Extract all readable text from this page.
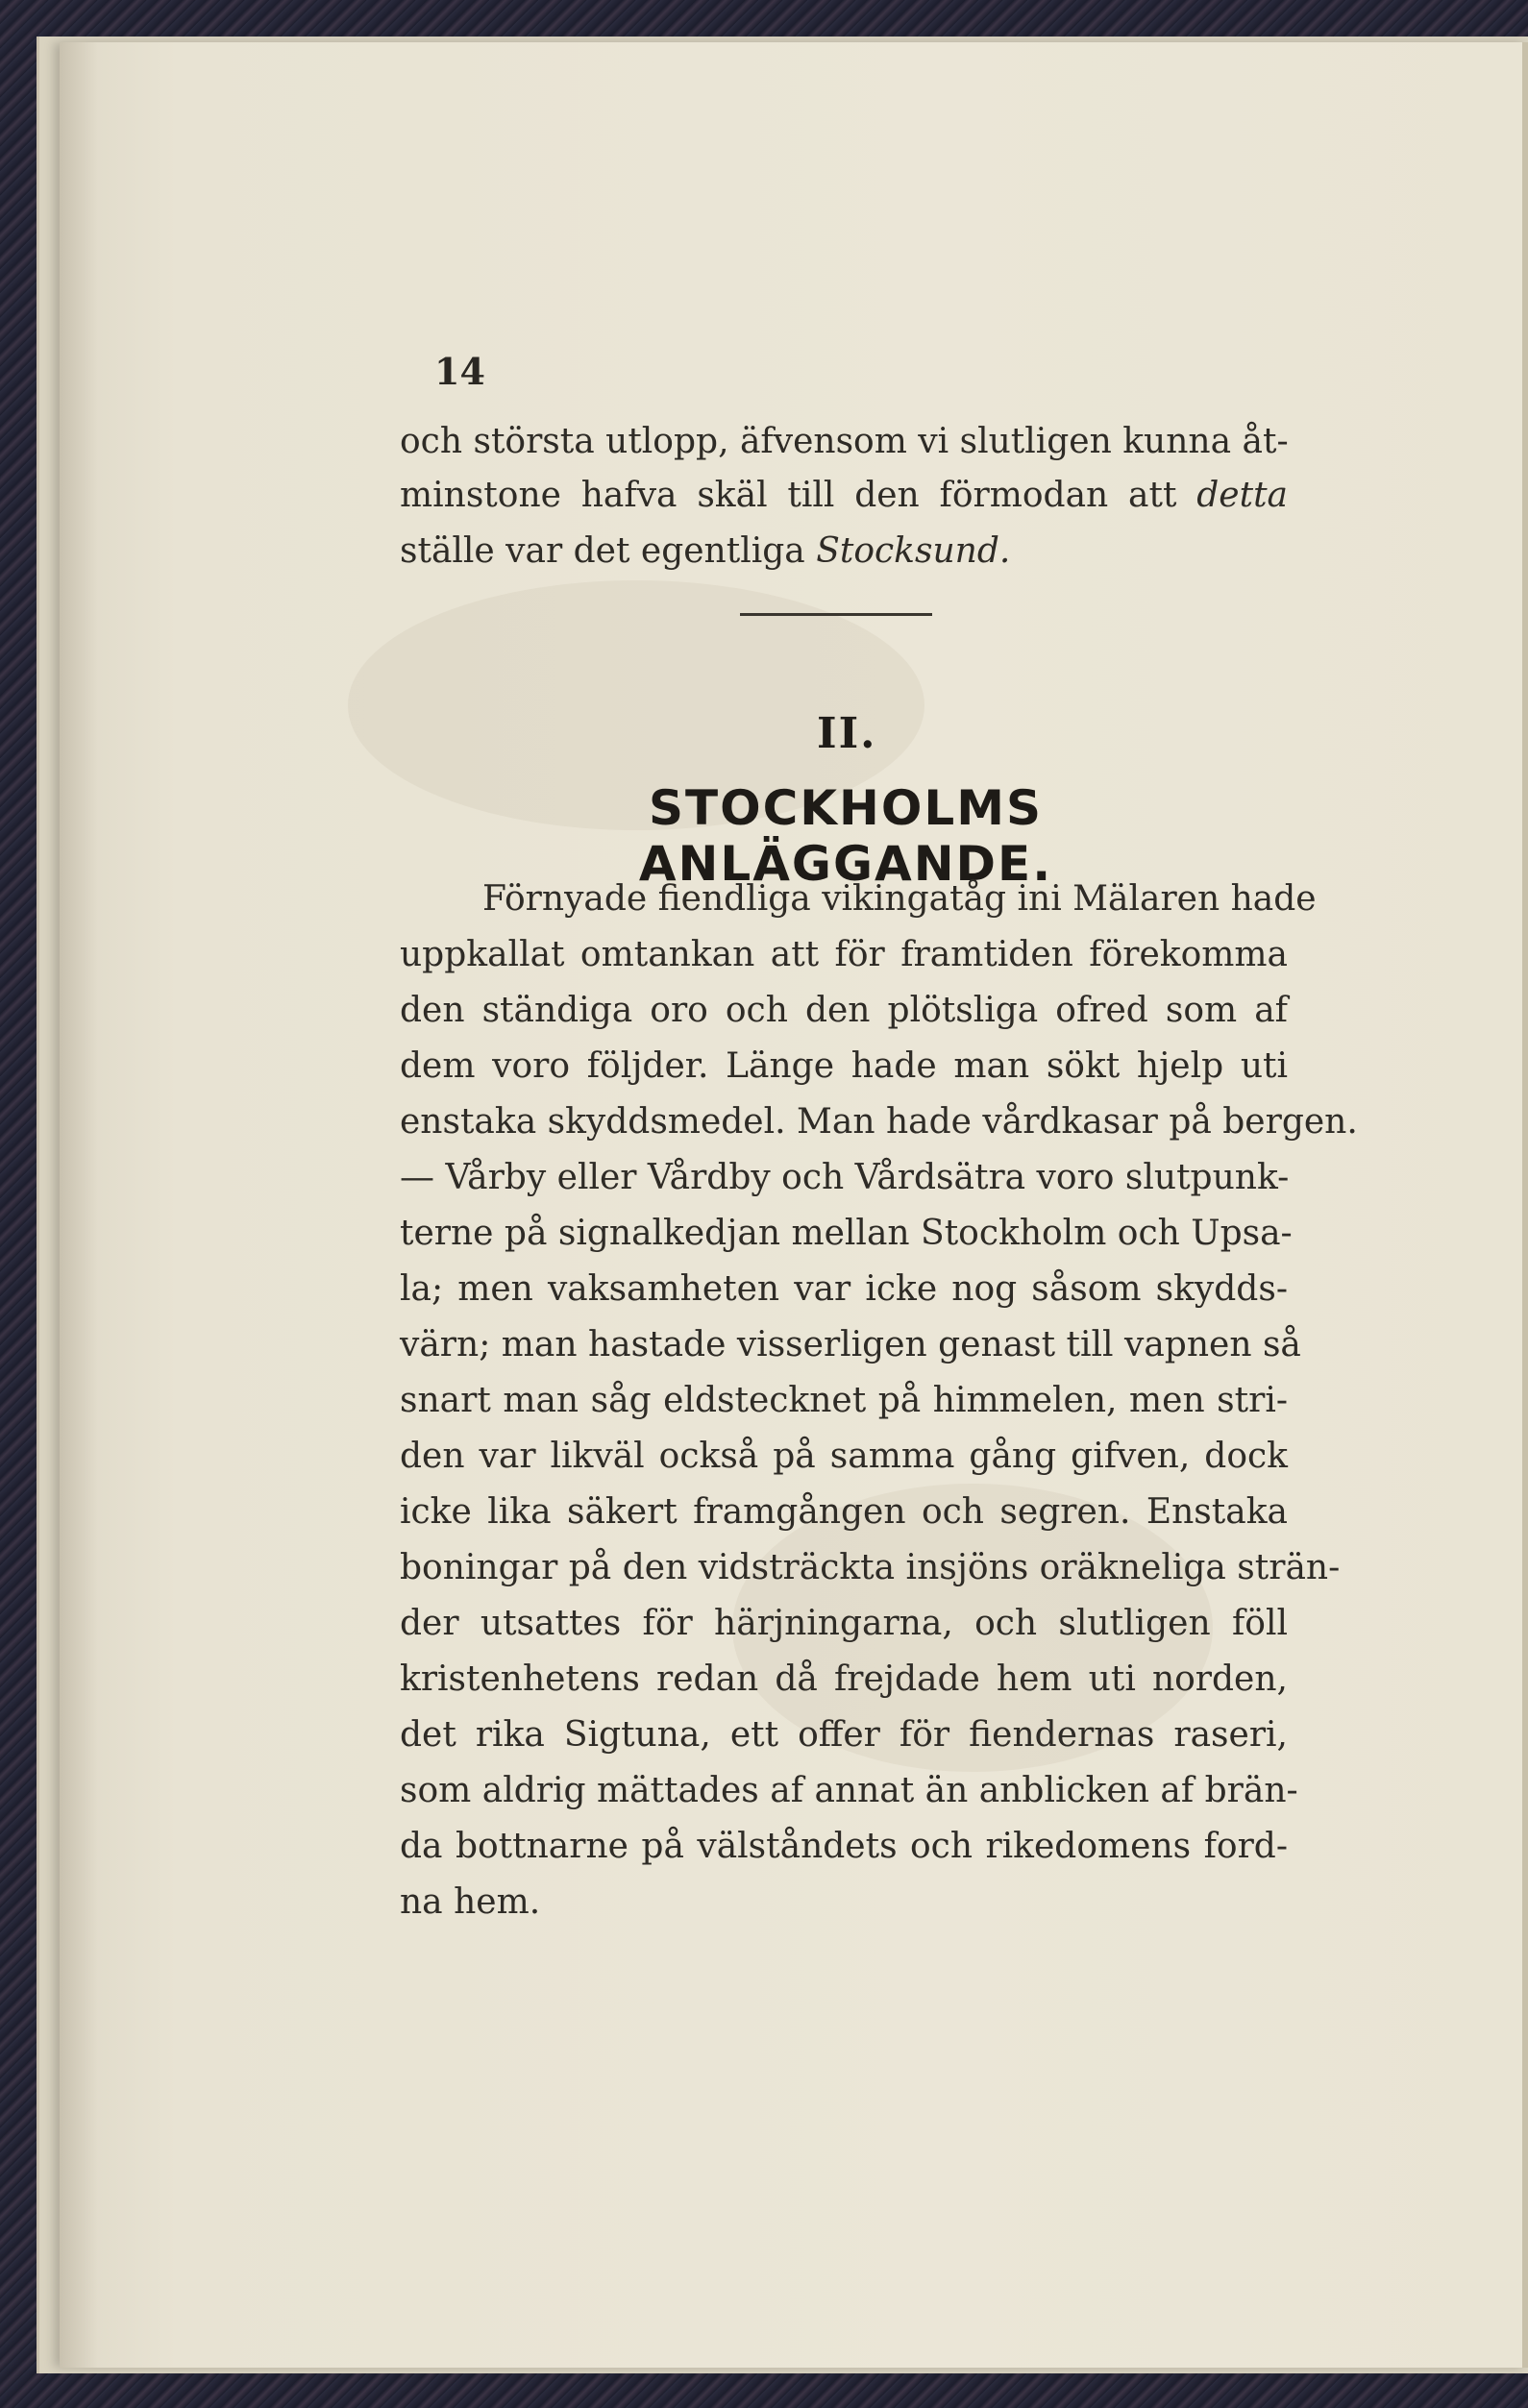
14
och största utlopp, äfvensom vi slutligen kunna åt-
minstone hafva skäl till den förmodan att detta
ställe var det egentliga Stocksund.
II.
STOCKHOLMS ANLÄGGANDE.
Förnyade fiendliga vikingatåg ini Mälaren hade
uppkallat omtankan att för framtiden förekomma
den ständiga oro och den plötsliga ofred som af
dem voro följder. Länge hade man sökt hjelp uti
enstaka skyddsmedel. Man hade vårdkasar på bergen.
— Vårby eller Vårdby och Vårdsätra voro slutpunk-
terne på signalkedjan mellan Stockholm och Upsa-
la; men vaksamheten var icke nog såsom skydds-
värn; man hastade visserligen genast till vapnen så
snart man såg eldstecknet på himmelen, men stri-
den var likväl också på samma gång gifven, dock
icke lika säkert framgången och segren. Enstaka
boningar på den vidsträckta insjöns oräkneliga strän-
der utsattes för härjningarna, och slutligen föll
kristenhetens redan då frejdade hem uti norden,
det rika Sigtuna, ett offer för fiendernas raseri,
som aldrig mättades af annat än anblicken af brän-
da bottnarne på välståndets och rikedomens ford-
na hem.
